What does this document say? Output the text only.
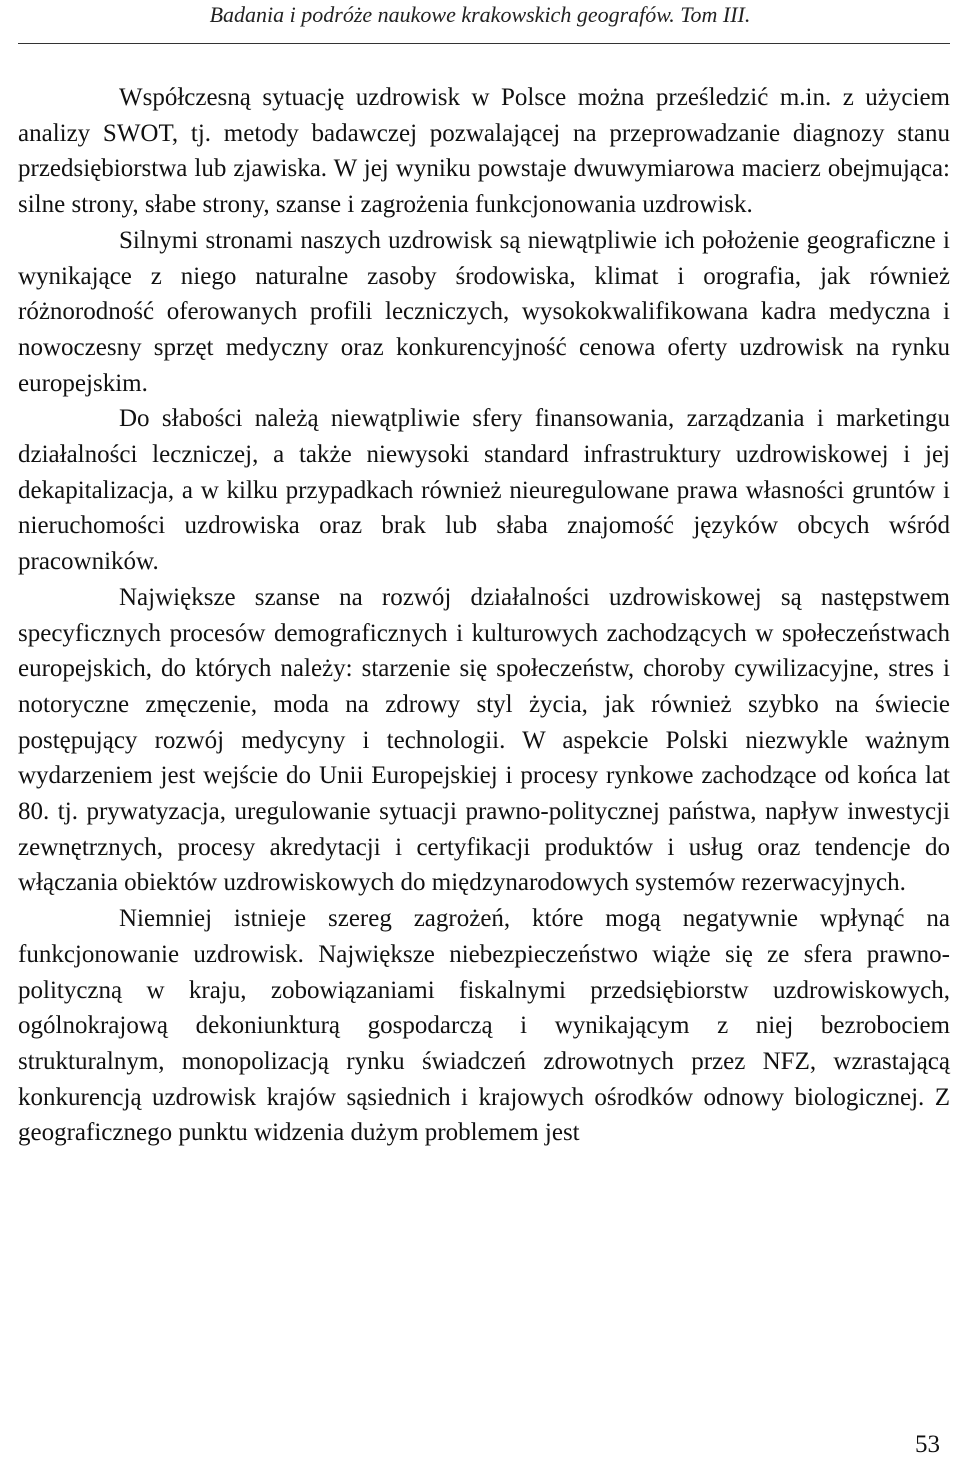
Badania i podróże naukowe krakowskich geografów. Tom III.

Współczesną sytuację uzdrowisk w Polsce można prześledzić m.in. z użyciem analizy SWOT, tj. metody badawczej pozwalającej na przeprowadzanie diagnozy stanu przedsiębiorstwa lub zjawiska. W jej wyniku powstaje dwuwymiarowa macierz obejmująca: silne strony, słabe strony, szanse i zagrożenia funkcjonowania uzdrowisk.

Silnymi stronami naszych uzdrowisk są niewątpliwie ich położenie geograficzne i wynikające z niego naturalne zasoby środowiska, klimat i orografia, jak również różnorodność oferowanych profili leczniczych, wysokokwalifikowana kadra medyczna i nowoczesny sprzęt medyczny oraz konkurencyjność cenowa oferty uzdrowisk na rynku europejskim.

Do słabości należą niewątpliwie sfery finansowania, zarządzania i marketingu działalności leczniczej, a także niewysoki standard infrastruktury uzdrowiskowej i jej dekapitalizacja, a w kilku przypadkach również nieuregulowane prawa własności gruntów i nieruchomości uzdrowiska oraz brak lub słaba znajomość języków obcych wśród pracowników.

Największe szanse na rozwój działalności uzdrowiskowej są następstwem specyficznych procesów demograficznych i kulturowych zachodzących w społeczeństwach europejskich, do których należy: starzenie się społeczeństw, choroby cywilizacyjne, stres i notoryczne zmęczenie, moda na zdrowy styl życia, jak również szybko na świecie postępujący rozwój medycyny i technologii. W aspekcie Polski niezwykle ważnym wydarzeniem jest wejście do Unii Europejskiej i procesy rynkowe zachodzące od końca lat 80. tj. prywatyzacja, uregulowanie sytuacji prawno-politycznej państwa, napływ inwestycji zewnętrznych, procesy akredytacji i certyfikacji produktów i usług oraz tendencje do włączania obiektów uzdrowiskowych do międzynarodowych systemów rezerwacyjnych.

Niemniej istnieje szereg zagrożeń, które mogą negatywnie wpłynąć na funkcjonowanie uzdrowisk. Największe niebezpieczeństwo wiąże się ze sfera prawno-polityczną w kraju, zobowiązaniami fiskalnymi przedsiębiorstw uzdrowiskowych, ogólnokrajową dekoniunkturą gospodarczą i wynikającym z niej bezrobociem strukturalnym, monopolizacją rynku świadczeń zdrowotnych przez NFZ, wzrastającą konkurencją uzdrowisk krajów sąsiednich i krajowych ośrodków odnowy biologicznej. Z geograficznego punktu widzenia dużym problemem jest

53
